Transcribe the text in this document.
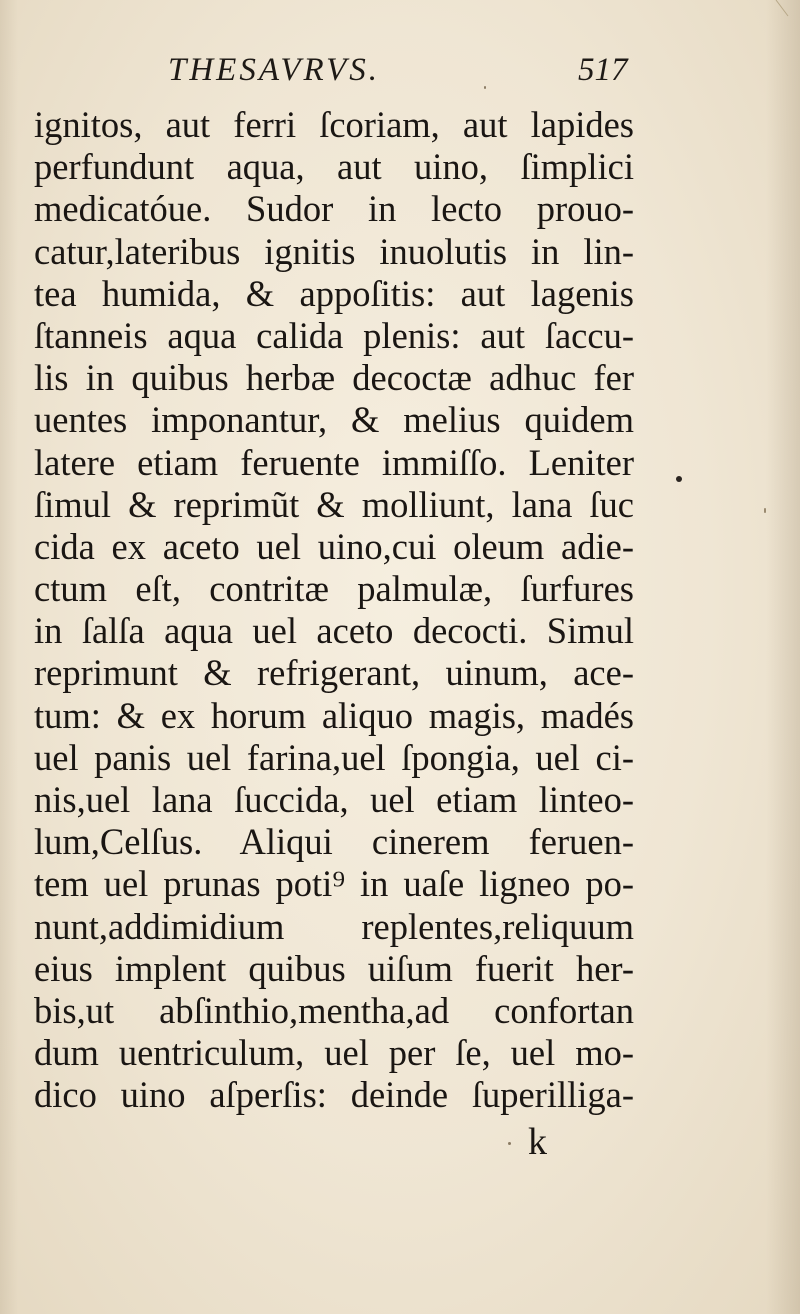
THESAVRVS.	517
ignitos, aut ferri ſcoriam, aut lapides
perfundunt aqua, aut uino, ſimplici
medicatóue. Sudor in lecto prouo-
catur,lateribus ignitis inuolutis in lin-
tea humida, & appoſitis: aut lagenis
ſtanneis aqua calida plenis: aut ſaccu-
lis in quibus herbæ decoctæ adhuc fer
uentes imponantur, & melius quidem
latere etiam feruente immiſſo. Leniter
ſimul & reprimũt & molliunt, lana ſuc
cida ex aceto uel uino,cui oleum adie-
ctum eſt, contritæ palmulæ, ſurfures
in ſalſa aqua uel aceto decocti. Simul
reprimunt & refrigerant, uinum, ace-
tum: & ex horum aliquo magis, madés
uel panis uel farina,uel ſpongia, uel ci-
nis,uel lana ſuccida, uel etiam linteo-
lum,Celſus. Aliqui cinerem feruen-
tem uel prunas poti⁹ in uaſe ligneo po-
nunt,addimidium replentes,reliquum
eius implent quibus uiſum fuerit her-
bis,ut abſinthio,mentha,ad confortan
dum uentriculum, uel per ſe, uel mo-
dico uino aſperſis: deinde ſuperilliga-
k
